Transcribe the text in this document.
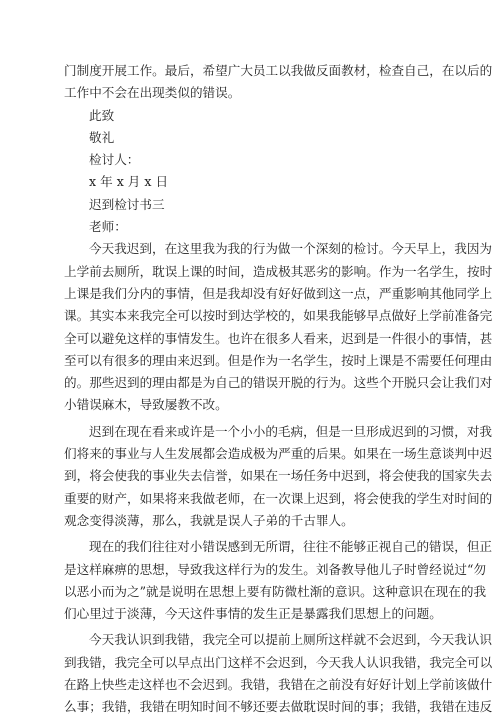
门制度开展工作。最后，希望广大员工以我做反面教材，检查自己，在以后的
工作中不会在出现类似的错误。
此致
敬礼
检讨人：
x 年 x 月 x 日
迟到检讨书三
老师：
今天我迟到，在这里我为我的行为做一个深刻的检讨。今天早上，我因为
上学前去厕所，耽误上课的时间，造成极其恶劣的影响。作为一名学生，按时
上课是我们分内的事情，但是我却没有好好做到这一点，严重影响其他同学上
课。其实本来我完全可以按时到达学校的，如果我能够早点做好上学前准备完
全可以避免这样的事情发生。也许在很多人看来，迟到是一件很小的事情，甚
至可以有很多的理由来迟到。但是作为一名学生，按时上课是不需要任何理由
的。那些迟到的理由都是为自己的错误开脱的行为。这些个开脱只会让我们对
小错误麻木，导致屡教不改。
迟到在现在看来或许是一个小小的毛病，但是一旦形成迟到的习惯，对我
们将来的事业与人生发展都会造成极为严重的后果。如果在一场生意谈判中迟
到，将会使我的事业失去信誉，如果在一场任务中迟到，将会使我的国家失去
重要的财产，如果将来我做老师，在一次课上迟到，将会使我的学生对时间的
观念变得淡薄，那么，我就是误人子弟的千古罪人。
现在的我们往往对小错误感到无所谓，往往不能够正视自己的错误，但正
是这样麻痹的思想，导致我这样行为的发生。刘备教导他儿子时曾经说过“勿
以恶小而为之”就是说明在思想上要有防微杜渐的意识。这种意识在现在的我
们心里过于淡薄，今天这件事情的发生正是暴露我们思想上的问题。
今天我认识到我错，我完全可以提前上厕所这样就不会迟到，今天我认识
到我错，我完全可以早点出门这样不会迟到，今天我人认识我错，我完全可以
在路上快些走这样也不会迟到。我错，我错在之前没有好好计划上学前该做什
么事；我错，我错在明知时间不够还要去做耽误时间的事；我错，我错在违反
